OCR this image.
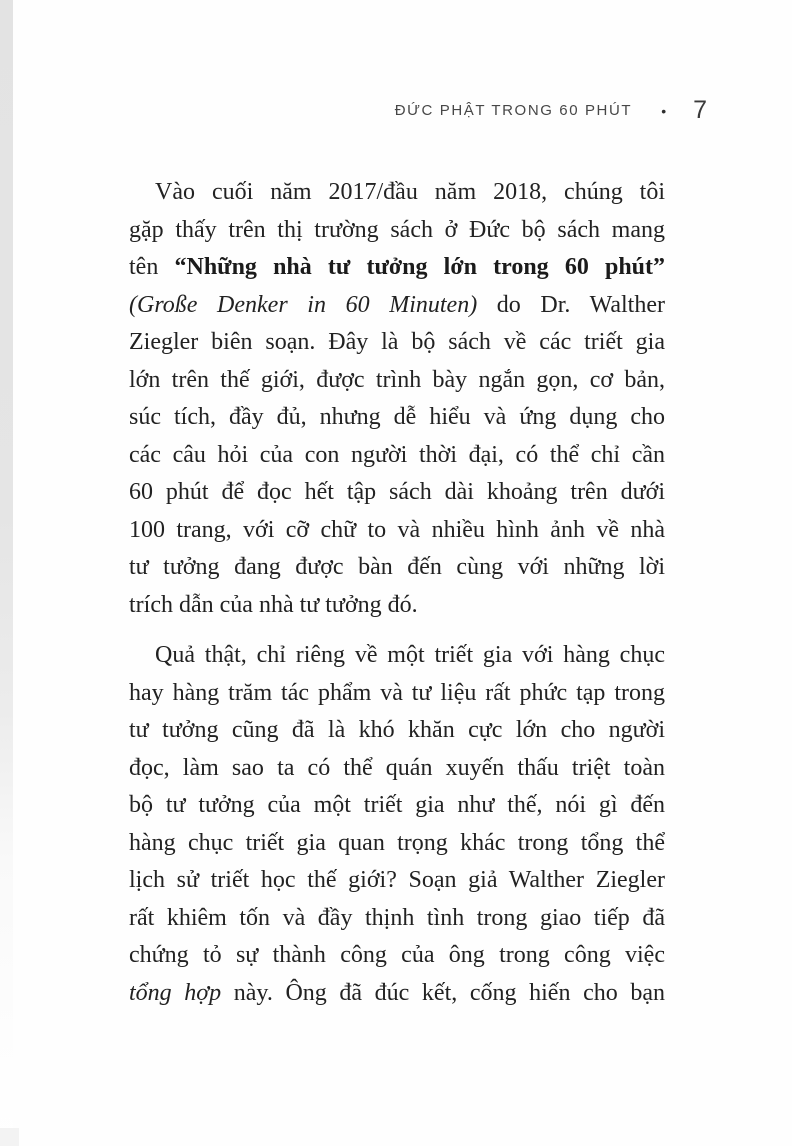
ĐỨC PHẬT TRONG 60 PHÚT • 7
Vào cuối năm 2017/đầu năm 2018, chúng tôi
gặp thấy trên thị trường sách ở Đức bộ sách mang
tên “Những nhà tư tưởng lớn trong 60 phút”
(Große Denker in 60 Minuten) do Dr. Walther
Ziegler biên soạn. Đây là bộ sách về các triết gia
lớn trên thế giới, được trình bày ngắn gọn, cơ bản,
súc tích, đầy đủ, nhưng dễ hiểu và ứng dụng cho
các câu hỏi của con người thời đại, có thể chỉ cần
60 phút để đọc hết tập sách dài khoảng trên dưới
100 trang, với cỡ chữ to và nhiều hình ảnh về nhà
tư tưởng đang được bàn đến cùng với những lời
trích dẫn của nhà tư tưởng đó.
Quả thật, chỉ riêng về một triết gia với hàng chục
hay hàng trăm tác phẩm và tư liệu rất phức tạp trong
tư tưởng cũng đã là khó khăn cực lớn cho người
đọc, làm sao ta có thể quán xuyến thấu triệt toàn
bộ tư tưởng của một triết gia như thế, nói gì đến
hàng chục triết gia quan trọng khác trong tổng thể
lịch sử triết học thế giới? Soạn giả Walther Ziegler
rất khiêm tốn và đầy thịnh tình trong giao tiếp đã
chứng tỏ sự thành công của ông trong công việc
tổng hợp này. Ông đã đúc kết, cống hiến cho bạn
